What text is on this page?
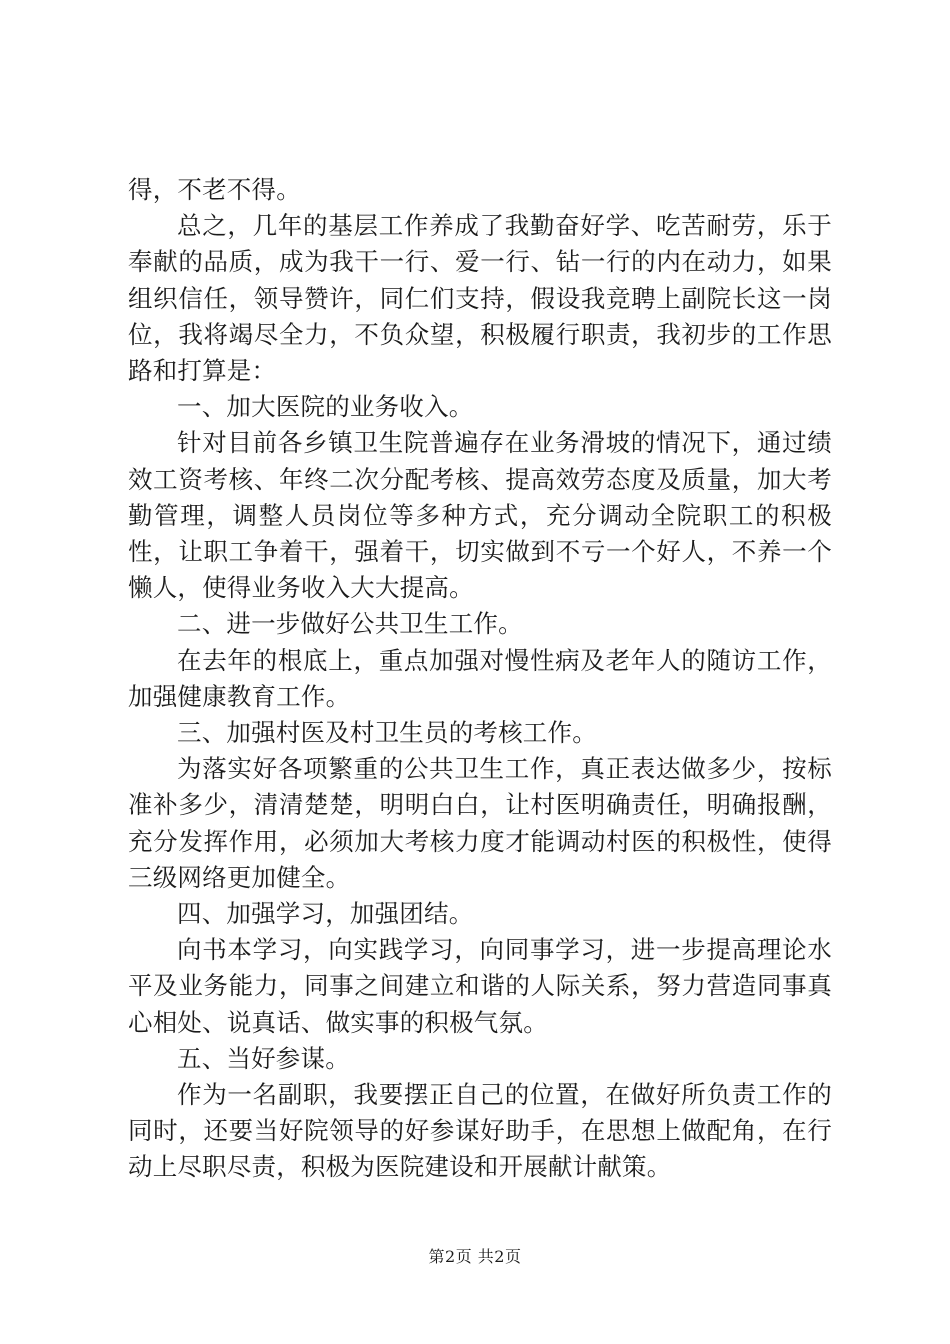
得，不老不得。

总之，几年的基层工作养成了我勤奋好学、吃苦耐劳，乐于奉献的品质，成为我干一行、爱一行、钻一行的内在动力，如果组织信任，领导赞许，同仁们支持，假设我竞聘上副院长这一岗位，我将竭尽全力，不负众望，积极履行职责，我初步的工作思路和打算是：

一、加大医院的业务收入。

针对目前各乡镇卫生院普遍存在业务滑坡的情况下，通过绩效工资考核、年终二次分配考核、提高效劳态度及质量，加大考勤管理，调整人员岗位等多种方式，充分调动全院职工的积极性，让职工争着干，强着干，切实做到不亏一个好人，不养一个懒人，使得业务收入大大提高。

二、进一步做好公共卫生工作。

在去年的根底上，重点加强对慢性病及老年人的随访工作，加强健康教育工作。

三、加强村医及村卫生员的考核工作。

为落实好各项繁重的公共卫生工作，真正表达做多少，按标准补多少，清清楚楚，明明白白，让村医明确责任，明确报酬，充分发挥作用，必须加大考核力度才能调动村医的积极性，使得三级网络更加健全。

四、加强学习，加强团结。

向书本学习，向实践学习，向同事学习，进一步提高理论水平及业务能力，同事之间建立和谐的人际关系，努力营造同事真心相处、说真话、做实事的积极气氛。

五、当好参谋。

作为一名副职，我要摆正自己的位置，在做好所负责工作的同时，还要当好院领导的好参谋好助手，在思想上做配角，在行动上尽职尽责，积极为医院建设和开展献计献策。

第2页 共2页
